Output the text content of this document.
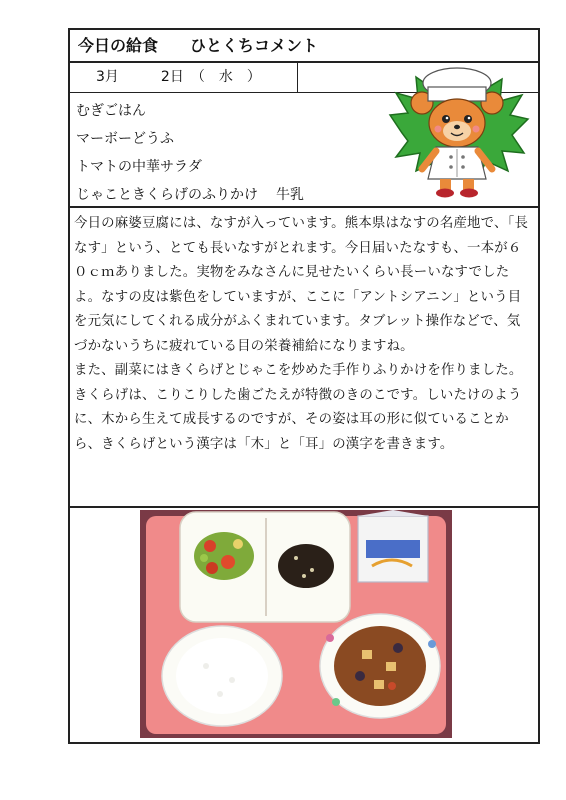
今日の給食　　ひとくちコメント
3月　　　	2日　（　水　）
むぎごはん
マーボーどうふ
トマトの中華サラダ
じゃこときくらげのふりかけ 牛乳

今日の麻婆豆腐には、なすが入っています。熊本県はなすの名産地で、「長なす」という、とても長いなすがとれます。今日届いたなすも、一本が６０ｃｍありました。実物をみなさんに見せたいくらい長ーいなすでしたよ。なすの皮は紫色をしていますが、ここに「アントシアニン」という目を元気にしてくれる成分がふくまれています。タブレット操作などで、気づかないうちに疲れている目の栄養補給になりますね。

また、副菜にはきくらげとじゃこを炒めた手作りふりかけを作りました。きくらげは、こりこりした歯ごたえが特徴のきのこです。しいたけのように、木から生えて成長するのですが、その姿は耳の形に似ていることから、きくらげという漢字は「木」と「耳」の漢字を書きます。
